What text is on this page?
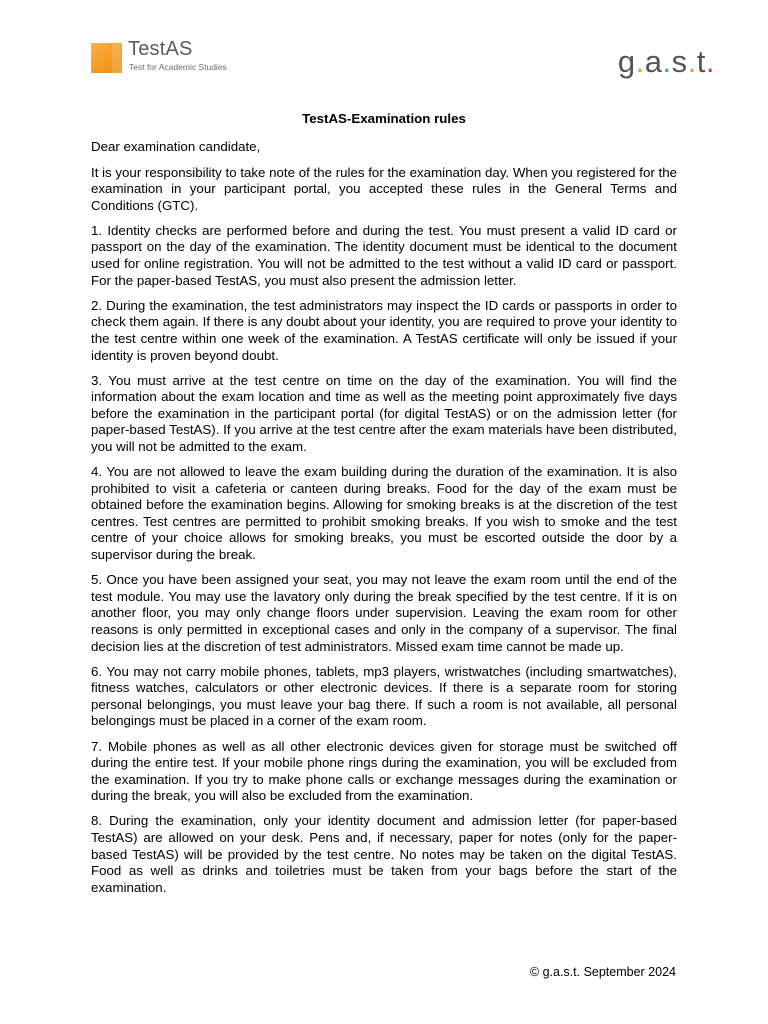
TestAS
Test for Academic Studies	g.a.s.t.
TestAS-Examination rules

Dear examination candidate,

It is your responsibility to take note of the rules for the examination day. When you registered for the examination in your participant portal, you accepted these rules in the General Terms and Conditions (GTC).

1. Identity checks are performed before and during the test. You must present a valid ID card or passport on the day of the examination. The identity document must be identical to the document used for online registration. You will not be admitted to the test without a valid ID card or passport. For the paper-based TestAS, you must also present the admission letter.

2. During the examination, the test administrators may inspect the ID cards or passports in order to check them again. If there is any doubt about your identity, you are required to prove your identity to the test centre within one week of the examination. A TestAS certificate will only be issued if your identity is proven beyond doubt.

3. You must arrive at the test centre on time on the day of the examination. You will find the information about the exam location and time as well as the meeting point approximately five days before the examination in the participant portal (for digital TestAS) or on the admission letter (for paper-based TestAS). If you arrive at the test centre after the exam materials have been distributed, you will not be admitted to the exam.

4. You are not allowed to leave the exam building during the duration of the examination. It is also prohibited to visit a cafeteria or canteen during breaks. Food for the day of the exam must be obtained before the examination begins. Allowing for smoking breaks is at the discretion of the test centres. Test centres are permitted to prohibit smoking breaks. If you wish to smoke and the test centre of your choice allows for smoking breaks, you must be escorted outside the door by a supervisor during the break.

5. Once you have been assigned your seat, you may not leave the exam room until the end of the test module. You may use the lavatory only during the break specified by the test centre. If it is on another floor, you may only change floors under supervision. Leaving the exam room for other reasons is only permitted in exceptional cases and only in the company of a supervisor. The final decision lies at the discretion of test administrators. Missed exam time cannot be made up.

6. You may not carry mobile phones, tablets, mp3 players, wristwatches (including smartwatches), fitness watches, calculators or other electronic devices. If there is a separate room for storing personal belongings, you must leave your bag there. If such a room is not available, all personal belongings must be placed in a corner of the exam room.

7. Mobile phones as well as all other electronic devices given for storage must be switched off during the entire test. If your mobile phone rings during the examination, you will be excluded from the examination. If you try to make phone calls or exchange messages during the examination or during the break, you will also be excluded from the examination.

8. During the examination, only your identity document and admission letter (for paper-based TestAS) are allowed on your desk. Pens and, if necessary, paper for notes (only for the paper-based TestAS) will be provided by the test centre. No notes may be taken on the digital TestAS. Food as well as drinks and toiletries must be taken from your bags before the start of the examination.

© g.a.s.t. September 2024
